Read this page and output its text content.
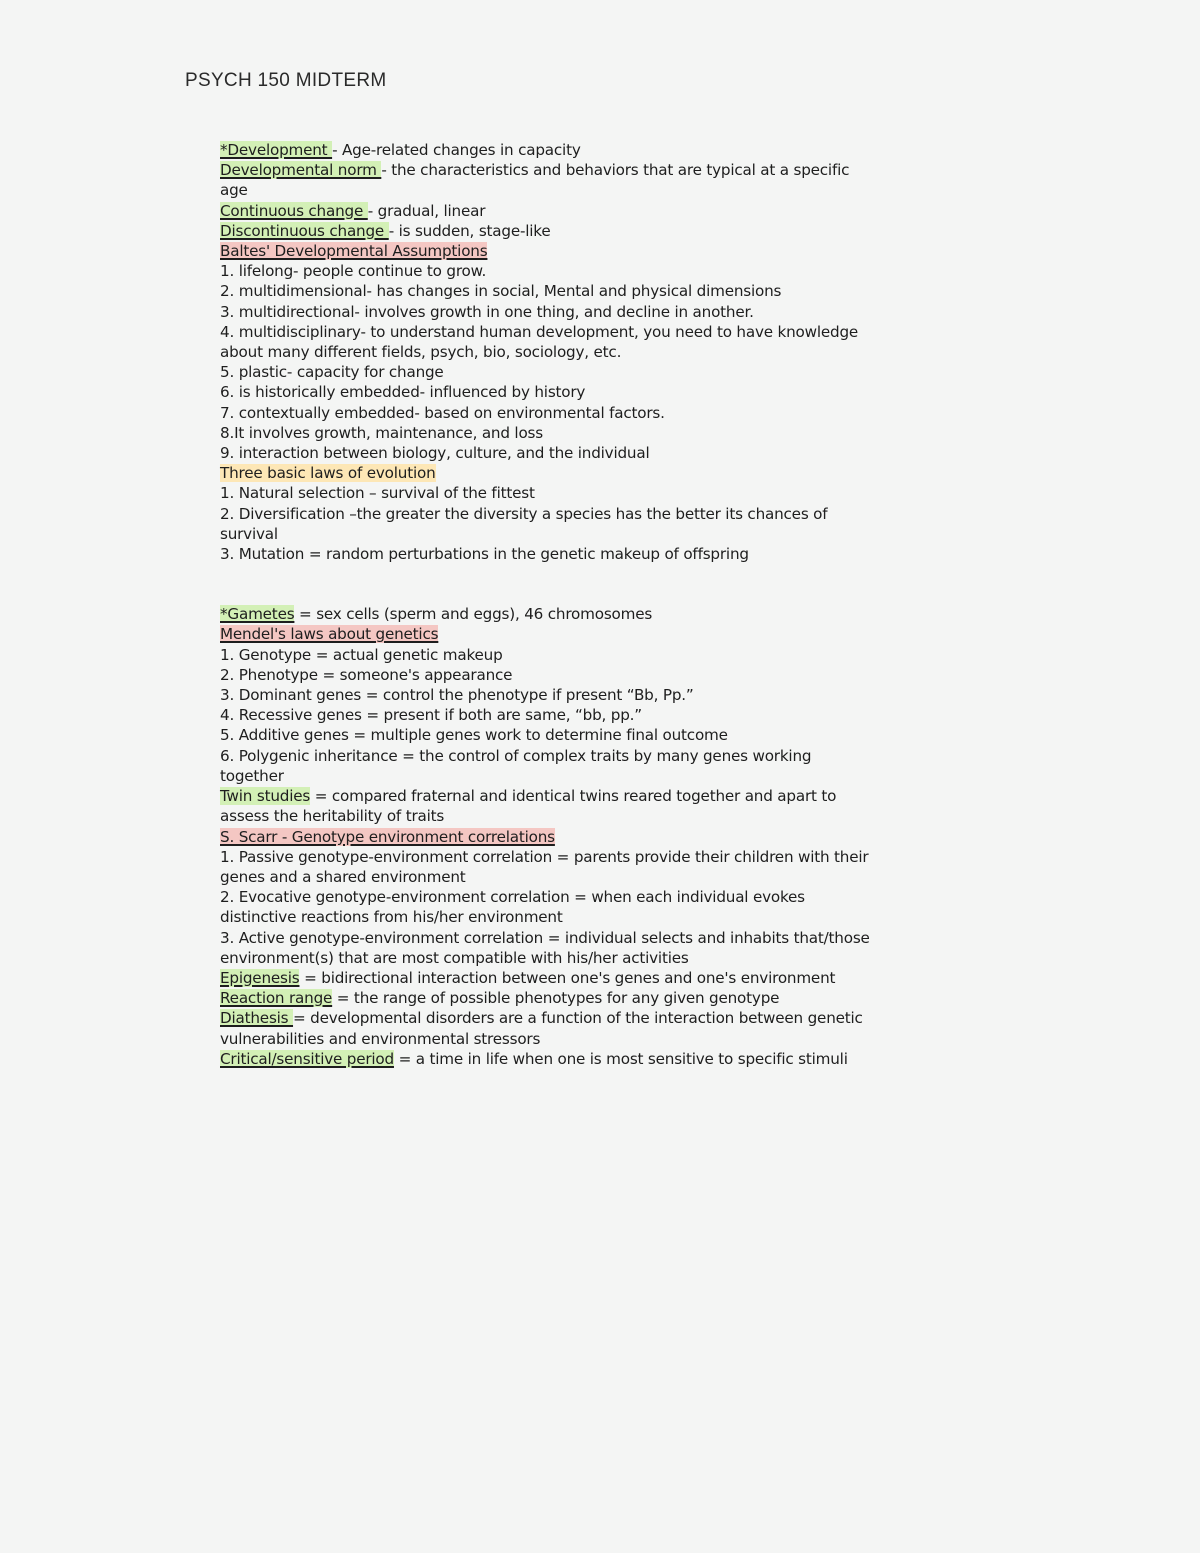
PSYCH 150 MIDTERM

*Development - Age-related changes in capacity

Developmental norm - the characteristics and behaviors that are typical at a specific age

Continuous change - gradual, linear

Discontinuous change - is sudden, stage-like

Baltes' Developmental Assumptions

1. lifelong- people continue to grow.

2. multidimensional- has changes in social, Mental and physical dimensions

3. multidirectional- involves growth in one thing, and decline in another.

4. multidisciplinary- to understand human development, you need to have knowledge about many different fields, psych, bio, sociology, etc.

5. plastic- capacity for change

6. is historically embedded- influenced by history

7. contextually embedded- based on environmental factors.

8.It involves growth, maintenance, and loss

9. interaction between biology, culture, and the individual

Three basic laws of evolution

1. Natural selection – survival of the fittest

2. Diversification –the greater the diversity a species has the better its chances of survival

3. Mutation = random perturbations in the genetic makeup of offspring

*Gametes = sex cells (sperm and eggs), 46 chromosomes

Mendel's laws about genetics

1. Genotype = actual genetic makeup

2. Phenotype = someone's appearance

3. Dominant genes = control the phenotype if present “Bb, Pp.”

4. Recessive genes = present if both are same, “bb, pp.”

5. Additive genes = multiple genes work to determine final outcome

6. Polygenic inheritance = the control of complex traits by many genes working together

Twin studies = compared fraternal and identical twins reared together and apart to assess the heritability of traits

S. Scarr - Genotype environment correlations

1. Passive genotype-environment correlation = parents provide their children with their genes and a shared environment

2. Evocative genotype-environment correlation = when each individual evokes distinctive reactions from his/her environment

3. Active genotype-environment correlation = individual selects and inhabits that/those environment(s) that are most compatible with his/her activities

Epigenesis = bidirectional interaction between one's genes and one's environment

Reaction range = the range of possible phenotypes for any given genotype

Diathesis = developmental disorders are a function of the interaction between genetic vulnerabilities and environmental stressors

Critical/sensitive period = a time in life when one is most sensitive to specific stimuli
